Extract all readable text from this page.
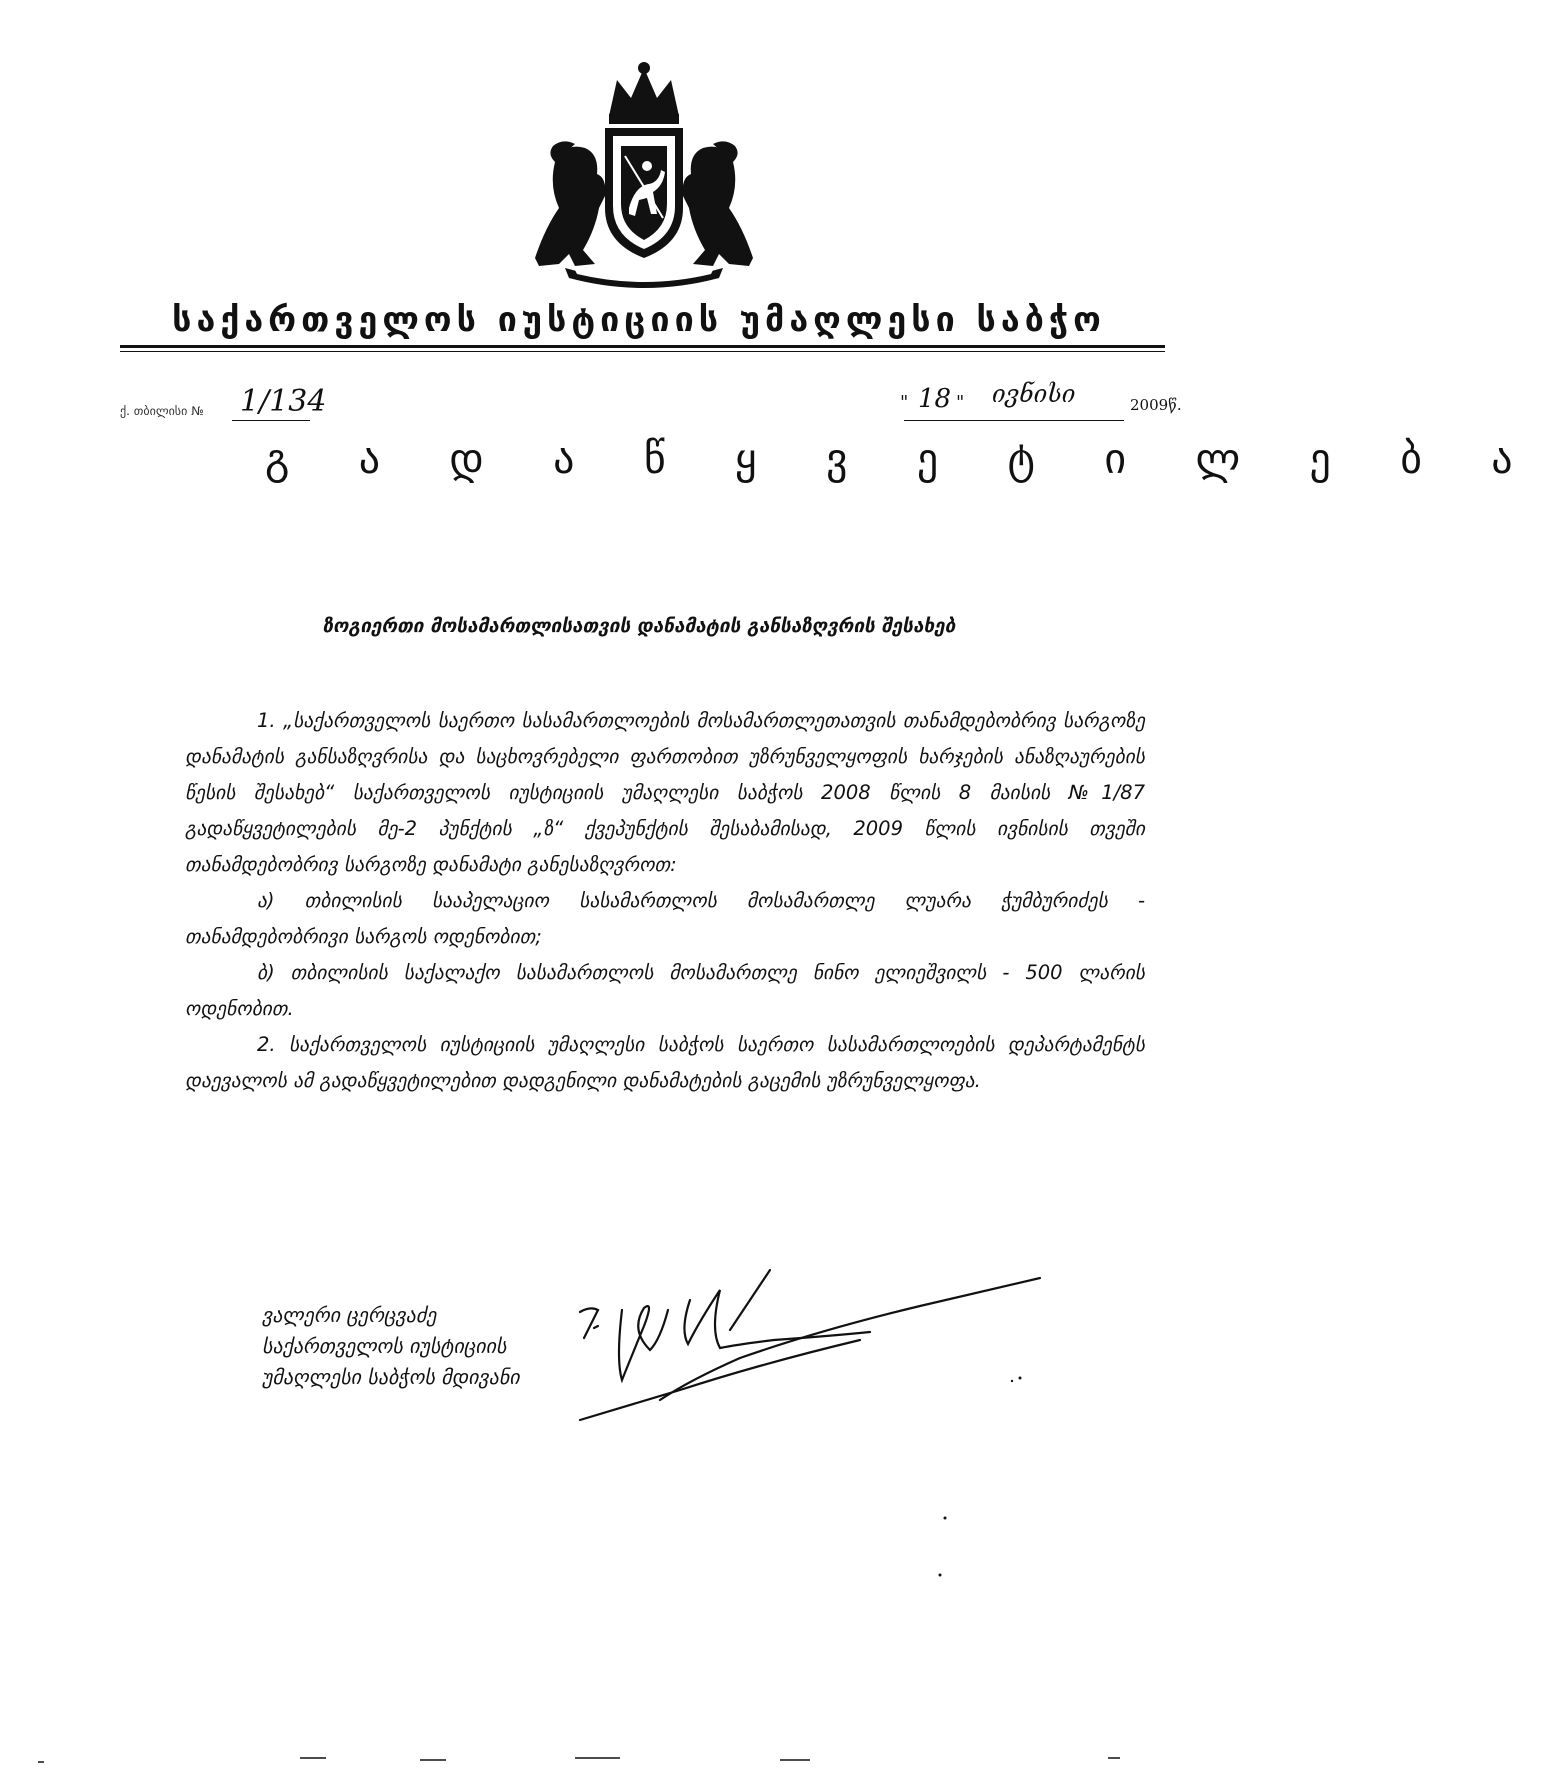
საქართველოს იუსტიციის უმაღლესი საბჭო
ქ. თბილისი № 1/134	" 18 " ივნისი	2009წ.
გ ა დ ა წ ყ ვ ე ტ ი ლ ე ბ ა
ზოგიერთი მოსამართლისათვის დანამატის განსაზღვრის შესახებ

1. „საქართველოს საერთო სასამართლოების მოსამართლეთათვის თანამდებობრივ სარგოზე დანამატის განსაზღვრისა და საცხოვრებელი ფართობით უზრუნველყოფის ხარჯების ანაზღაურების წესის შესახებ“ საქართველოს იუსტიციის უმაღლესი საბჭოს 2008 წლის 8 მაისის №1/87 გადაწყვეტილების მე-2 პუნქტის „ზ“ ქვეპუნქტის შესაბამისად, 2009 წლის ივნისის თვეში თანამდებობრივ სარგოზე დანამატი განესაზღვროთ:

ა) თბილისის სააპელაციო სასამართლოს მოსამართლე ლუარა ჭუმბურიძეს - თანამდებობრივი სარგოს ოდენობით;

ბ) თბილისის საქალაქო სასამართლოს მოსამართლე ნინო ელიეშვილს - 500 ლარის ოდენობით.

2. საქართველოს იუსტიციის უმაღლესი საბჭოს საერთო სასამართლოების დეპარტამენტს დაევალოს ამ გადაწყვეტილებით დადგენილი დანამატების გაცემის უზრუნველყოფა.

ვალერი ცერცვაძე
საქართველოს იუსტიციის
უმაღლესი საბჭოს მდივანი
